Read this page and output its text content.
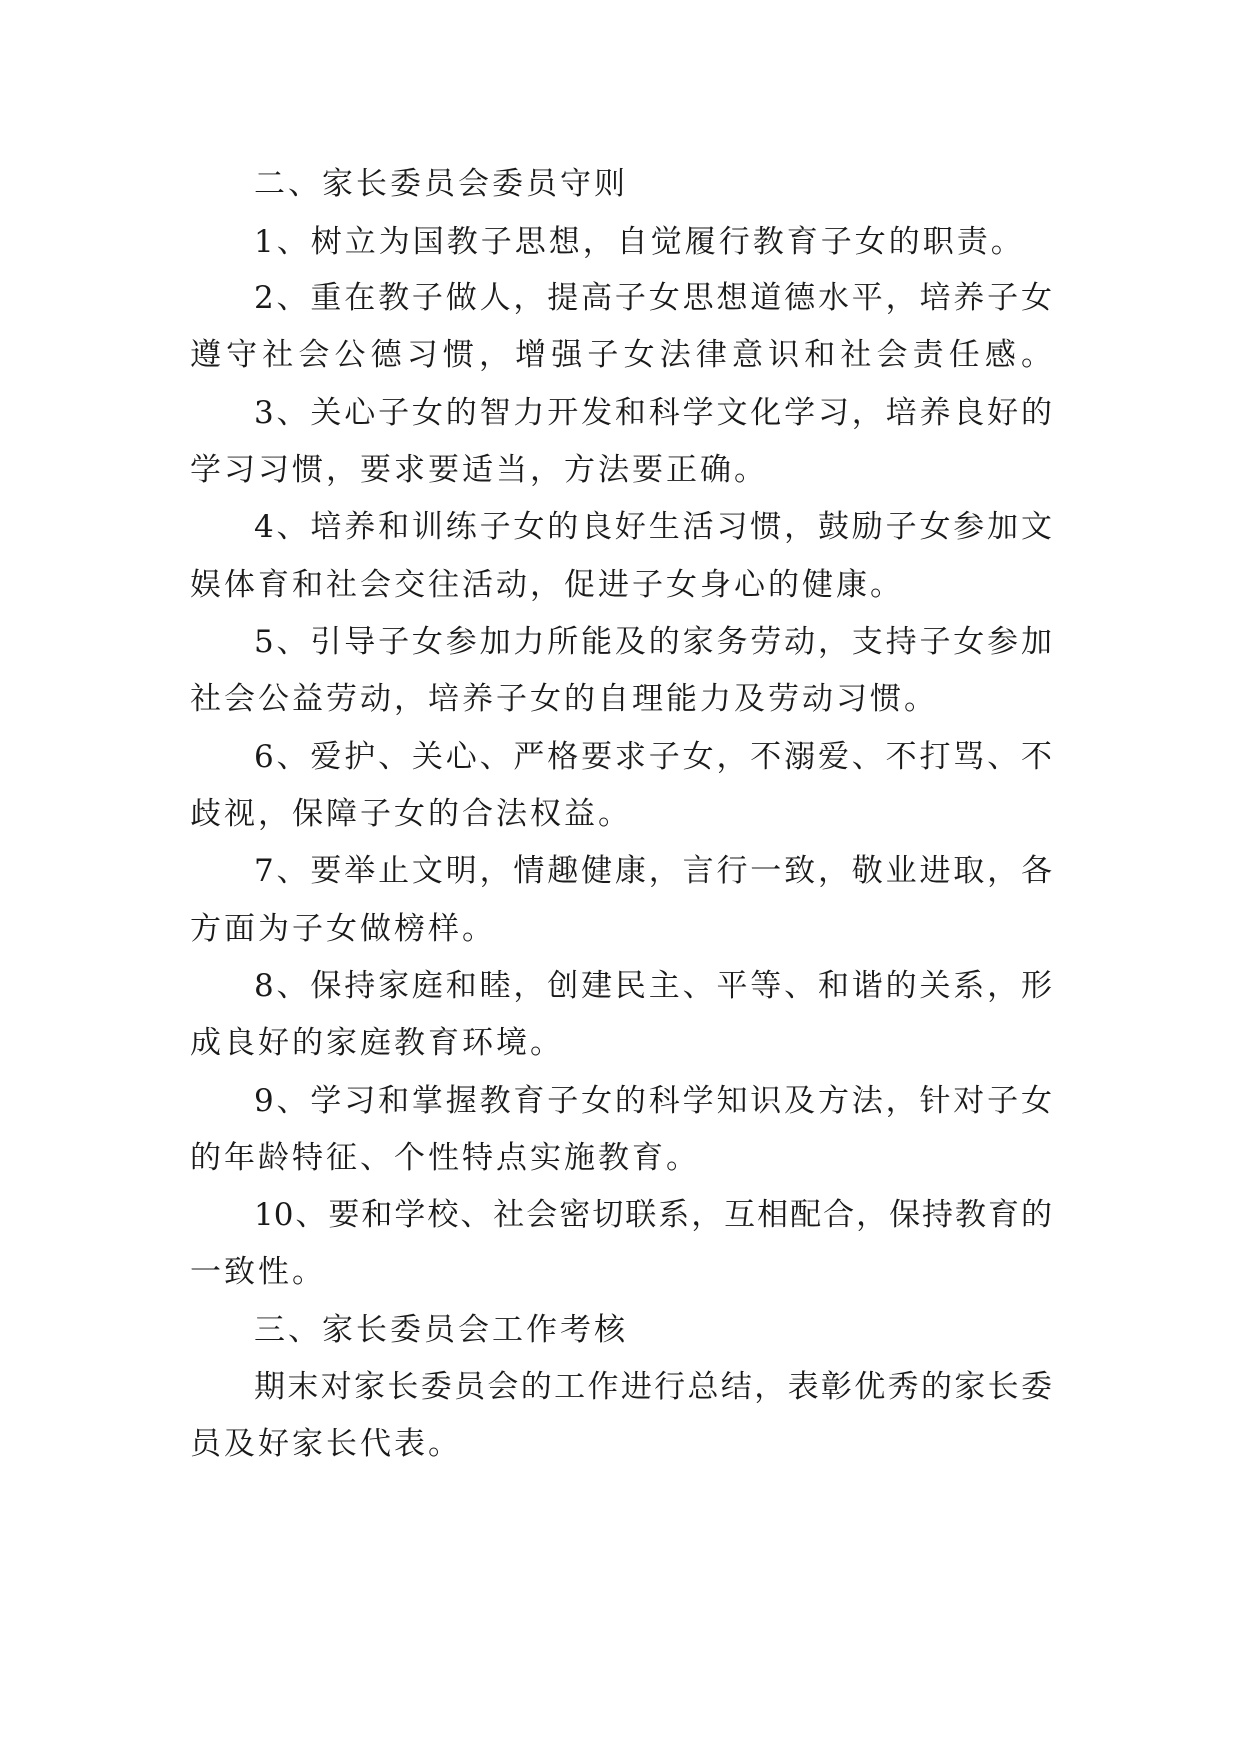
二、家长委员会委员守则
1、树立为国教子思想，自觉履行教育子女的职责。
2、重在教子做人，提高子女思想道德水平，培养子女
遵守社会公德习惯，增强子女法律意识和社会责任感。
3、关心子女的智力开发和科学文化学习，培养良好的
学习习惯，要求要适当，方法要正确。
4、培养和训练子女的良好生活习惯，鼓励子女参加文
娱体育和社会交往活动，促进子女身心的健康。
5、引导子女参加力所能及的家务劳动，支持子女参加
社会公益劳动，培养子女的自理能力及劳动习惯。
6、爱护、关心、严格要求子女，不溺爱、不打骂、不
歧视，保障子女的合法权益。
7、要举止文明，情趣健康，言行一致，敬业进取，各
方面为子女做榜样。
8、保持家庭和睦，创建民主、平等、和谐的关系，形
成良好的家庭教育环境。
9、学习和掌握教育子女的科学知识及方法，针对子女
的年龄特征、个性特点实施教育。
10、要和学校、社会密切联系，互相配合，保持教育的
一致性。
三、家长委员会工作考核
期末对家长委员会的工作进行总结，表彰优秀的家长委
员及好家长代表。
